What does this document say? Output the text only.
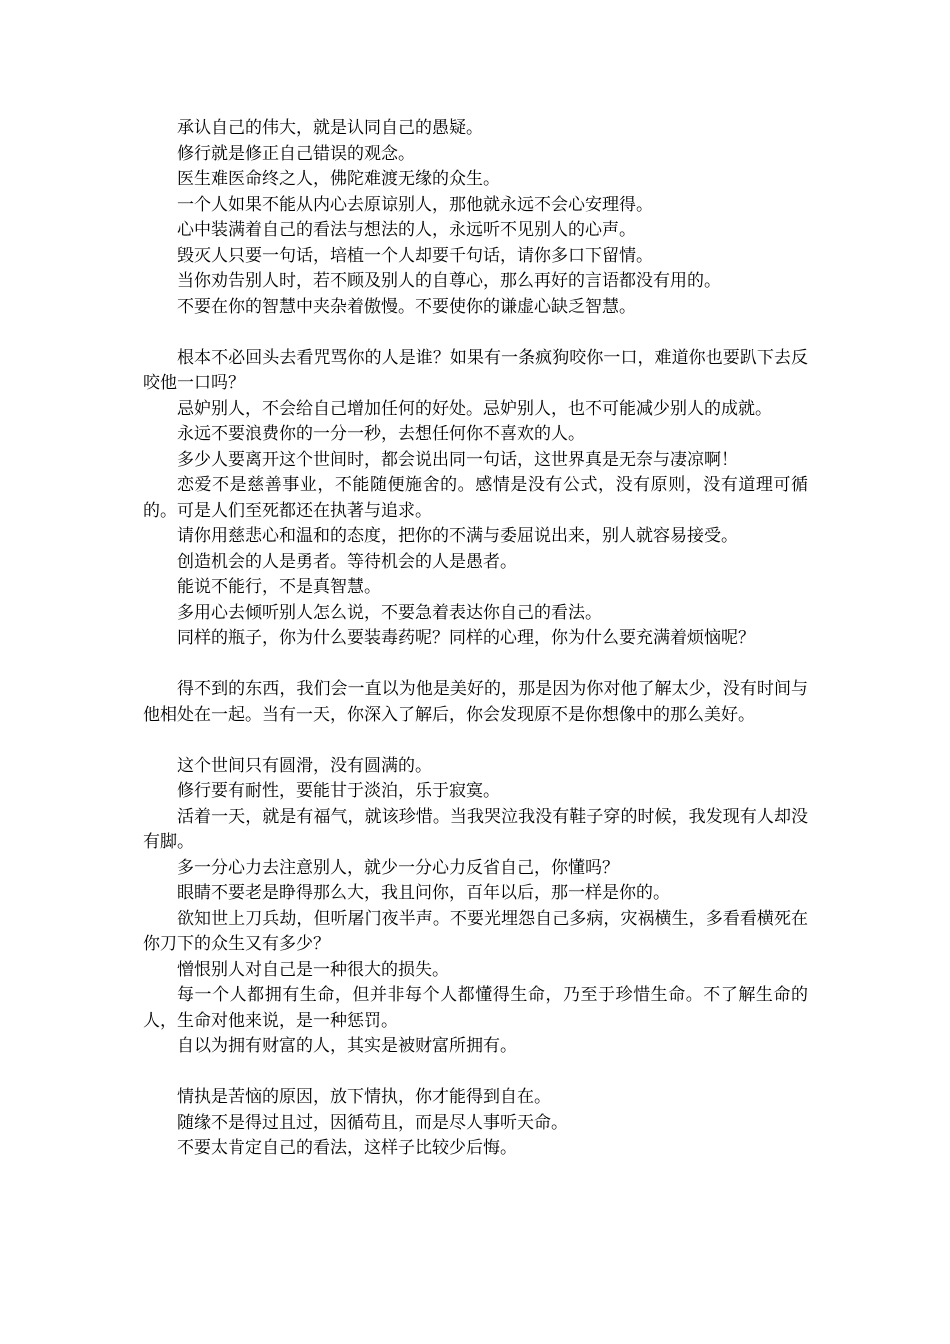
承认自己的伟大，就是认同自己的愚疑。

修行就是修正自己错误的观念。

医生难医命终之人，佛陀难渡无缘的众生。

一个人如果不能从内心去原谅别人，那他就永远不会心安理得。

心中装满着自己的看法与想法的人，永远听不见别人的心声。

毁灭人只要一句话，培植一个人却要千句话，请你多口下留情。

当你劝告别人时，若不顾及别人的自尊心，那么再好的言语都没有用的。

不要在你的智慧中夹杂着傲慢。不要使你的谦虚心缺乏智慧。

根本不必回头去看咒骂你的人是谁？如果有一条疯狗咬你一口，难道你也要趴下去反咬他一口吗？

忌妒别人，不会给自己增加任何的好处。忌妒别人，也不可能减少别人的成就。

永远不要浪费你的一分一秒，去想任何你不喜欢的人。

多少人要离开这个世间时，都会说出同一句话，这世界真是无奈与凄凉啊！

恋爱不是慈善事业，不能随便施舍的。感情是没有公式，没有原则，没有道理可循的。可是人们至死都还在执著与追求。

请你用慈悲心和温和的态度，把你的不满与委屈说出来，别人就容易接受。

创造机会的人是勇者。等待机会的人是愚者。

能说不能行，不是真智慧。

多用心去倾听别人怎么说，不要急着表达你自己的看法。

同样的瓶子，你为什么要装毒药呢？同样的心理，你为什么要充满着烦恼呢？

得不到的东西，我们会一直以为他是美好的，那是因为你对他了解太少，没有时间与他相处在一起。当有一天，你深入了解后，你会发现原不是你想像中的那么美好。

这个世间只有圆滑，没有圆满的。

修行要有耐性，要能甘于淡泊，乐于寂寞。

活着一天，就是有福气，就该珍惜。当我哭泣我没有鞋子穿的时候，我发现有人却没有脚。

多一分心力去注意别人，就少一分心力反省自己，你懂吗？

眼睛不要老是睁得那么大，我且问你，百年以后，那一样是你的。

欲知世上刀兵劫，但听屠门夜半声。不要光埋怨自己多病，灾祸横生，多看看横死在你刀下的众生又有多少？

憎恨别人对自己是一种很大的损失。

每一个人都拥有生命，但并非每个人都懂得生命，乃至于珍惜生命。不了解生命的人，生命对他来说，是一种惩罚。

自以为拥有财富的人，其实是被财富所拥有。

情执是苦恼的原因，放下情执，你才能得到自在。

随缘不是得过且过，因循苟且，而是尽人事听天命。

不要太肯定自己的看法，这样子比较少后悔。
